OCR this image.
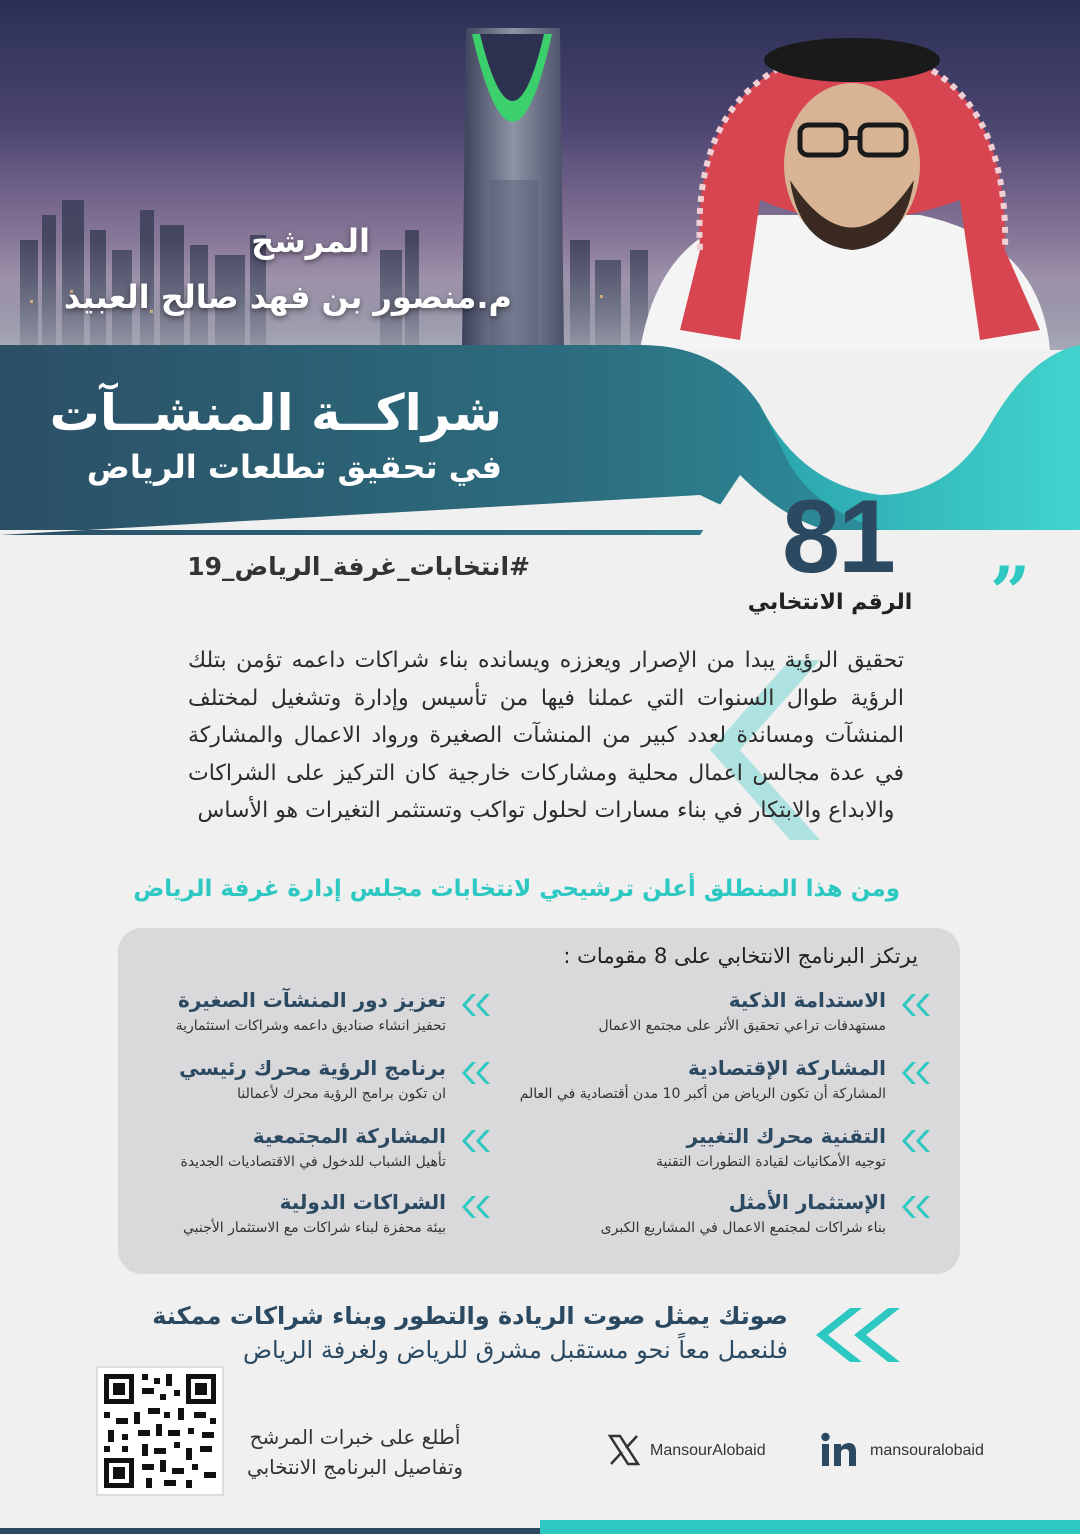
المرشح
م.منصور بن فهد صالح العبيد
شراكــة المنشــآت
في تحقيق تطلعات الرياض
81
الرقم الانتخابي ”
#انتخابات_غرفة_الرياض_19
تحقيق الرؤية يبدا من الإصرار ويعززه ويسانده بناء شراكات داعمه تؤمن بتلك الرؤية طوال السنوات التي عملنا فيها من تأسيس وإدارة وتشغيل لمختلف المنشآت ومساندة لعدد كبير من المنشآت الصغيرة ورواد الاعمال والمشاركة في عدة مجالس اعمال محلية ومشاركات خارجية كان التركيز على الشراكات والابداع والابتكار في بناء مسارات لحلول تواكب وتستثمر التغيرات هو الأساس
ومن هذا المنطلق أعلن ترشيحي لانتخابات مجلس إدارة غرفة الرياض
يرتكز البرنامج الانتخابي على 8 مقومات :
الاستدامة الذكية
مستهدفات تراعي تحقيق الأثر على مجتمع الاعمال
تعزيز دور المنشآت الصغيرة
تحفيز انشاء صناديق داعمه وشراكات استثمارية
المشاركة الإقتصادية
المشاركة أن تكون الرياض من أكبر 10 مدن أقتصادية في العالم
برنامج الرؤية محرك رئيسي
ان تكون برامج الرؤية محرك لأعمالنا
التقنية محرك التغيير
توجيه الأمكانيات لقيادة التطورات التقنية
المشاركة المجتمعية
تأهيل الشباب للدخول في الاقتصاديات الجديدة
الإستثمار الأمثل
بناء شراكات لمجتمع الاعمال في المشاريع الكبرى
الشراكات الدولية
بيئة محفزة لبناء شراكات مع الاستثمار الأجنبي
صوتك يمثل صوت الريادة والتطور وبناء شراكات ممكنة
فلنعمل معاً نحو مستقبل مشرق للرياض ولغرفة الرياض
أطلع على خبرات المرشح
وتفاصيل البرنامج الانتخابي
MansourAlobaid	mansouralobaid
